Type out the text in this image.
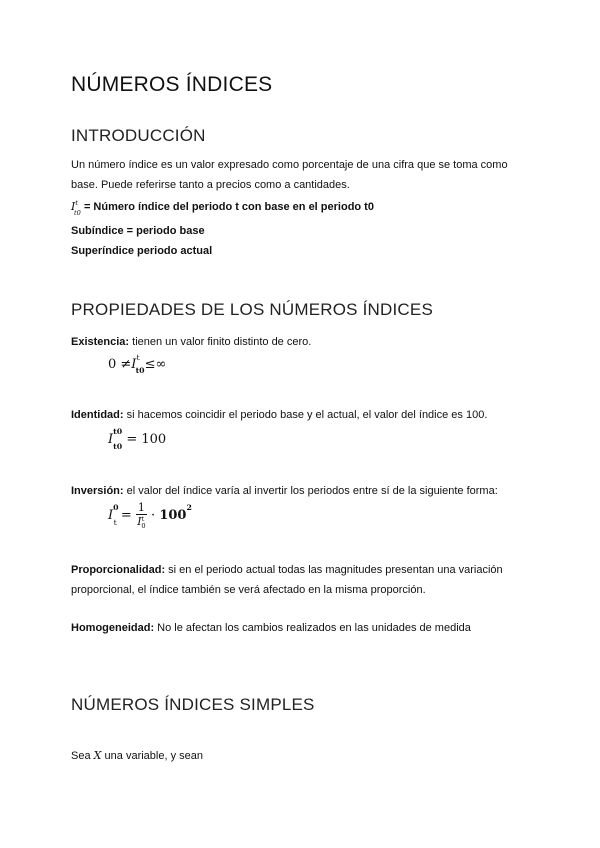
NÚMEROS ÍNDICES
INTRODUCCIÓN
Un número índice es un valor expresado como porcentaje de una cifra que se toma como
base. Puede referirse tanto a precios como a cantidades.
$I^t_{t0}$ = Número índice del periodo t con base en el periodo t0
Subíndice = periodo base
Superíndice periodo actual
PROPIEDADES DE LOS NÚMEROS ÍNDICES
Existencia: tienen un valor finito distinto de cero.
$0 \ne I^t_{t0}\le\infty$
Identidad: si hacemos coincidir el periodo base y el actual, el valor del índice es 100.
$I^{t0}_{t0} = 100$
Inversión: el valor del índice varía al invertir los periodos entre sí de la siguiente forma:
$I^0_t = \frac{1}{I^t_0} \cdot 100^2$
Proporcionalidad: si en el periodo actual todas las magnitudes presentan una variación
proporcional, el índice también se verá afectado en la misma proporción.
Homogeneidad: No le afectan los cambios realizados en las unidades de medida
NÚMEROS ÍNDICES SIMPLES
Sea X una variable, y sean
